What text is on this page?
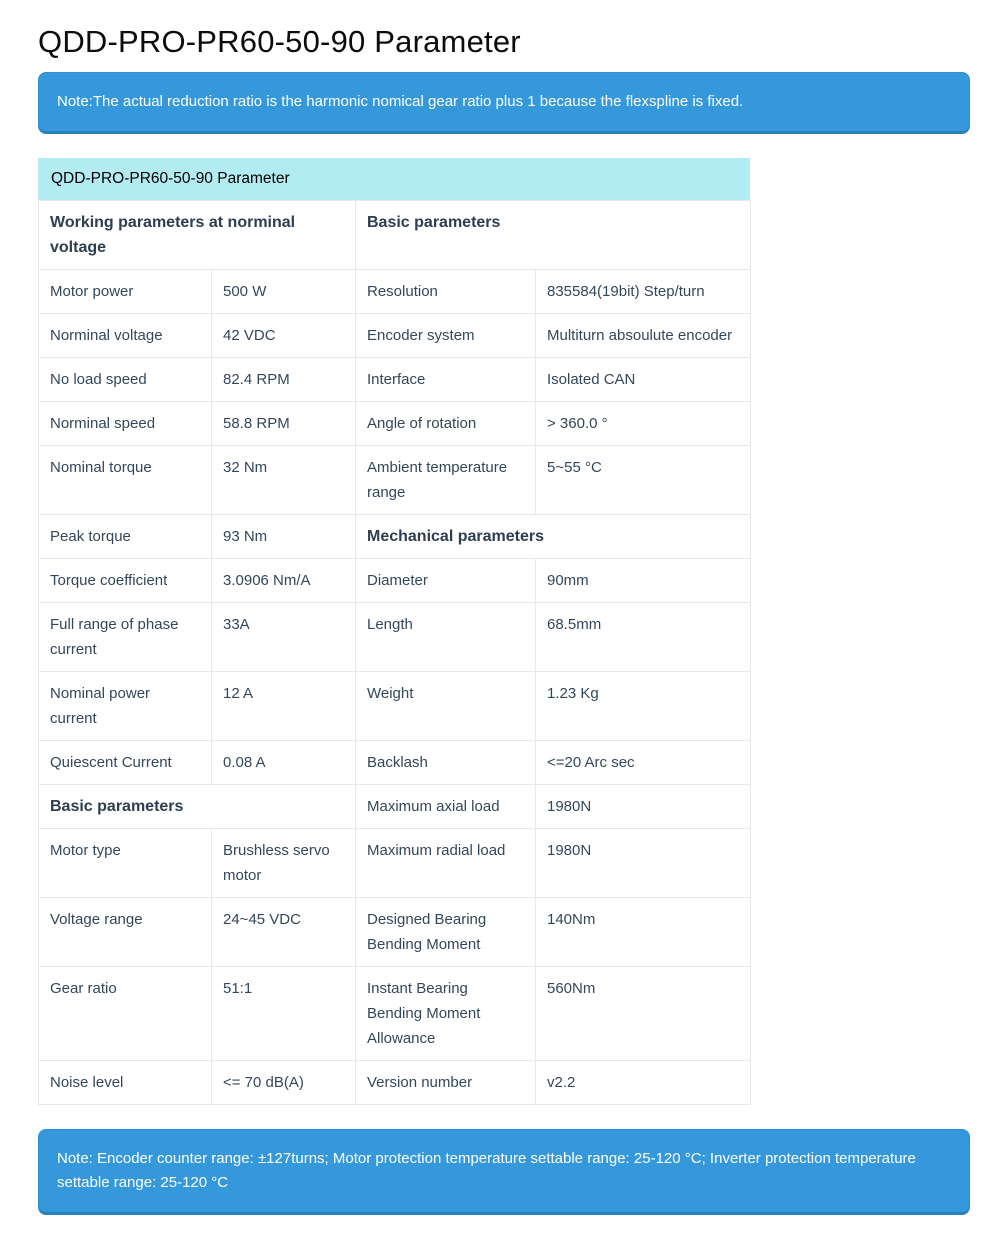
QDD-PRO-PR60-50-90 Parameter
Note:The actual reduction ratio is the harmonic nomical gear ratio plus 1 because the flexspline is fixed.
QDD-PRO-PR60-50-90 Parameter
Working parameters at norminal voltage		Basic parameters	
Motor power	500 W	Resolution	835584(19bit) Step/turn
Norminal voltage	42 VDC	Encoder system	Multiturn absoulute encoder
No load speed	82.4 RPM	Interface	Isolated CAN
Norminal speed	58.8 RPM	Angle of rotation	> 360.0 °
Nominal torque	32 Nm	Ambient temperature range	5~55 °C
Peak torque	93 Nm	Mechanical parameters	
Torque coefficient	3.0906 Nm/A	Diameter	90mm
Full range of phase current	33A	Length	68.5mm
Nominal power current	12 A	Weight	1.23 Kg
Quiescent Current	0.08 A	Backlash	<=20 Arc sec
Basic parameters		Maximum axial load	1980N
Motor type	Brushless servo motor	Maximum radial load	1980N
Voltage range	24~45 VDC	Designed Bearing Bending Moment	140Nm
Gear ratio	51:1	Instant Bearing Bending Moment Allowance	560Nm
Noise level	<= 70 dB(A)	Version number	v2.2
Note: Encoder counter range: ±127turns; Motor protection temperature settable range: 25-120 °C; Inverter protection temperature settable range: 25-120 °C
